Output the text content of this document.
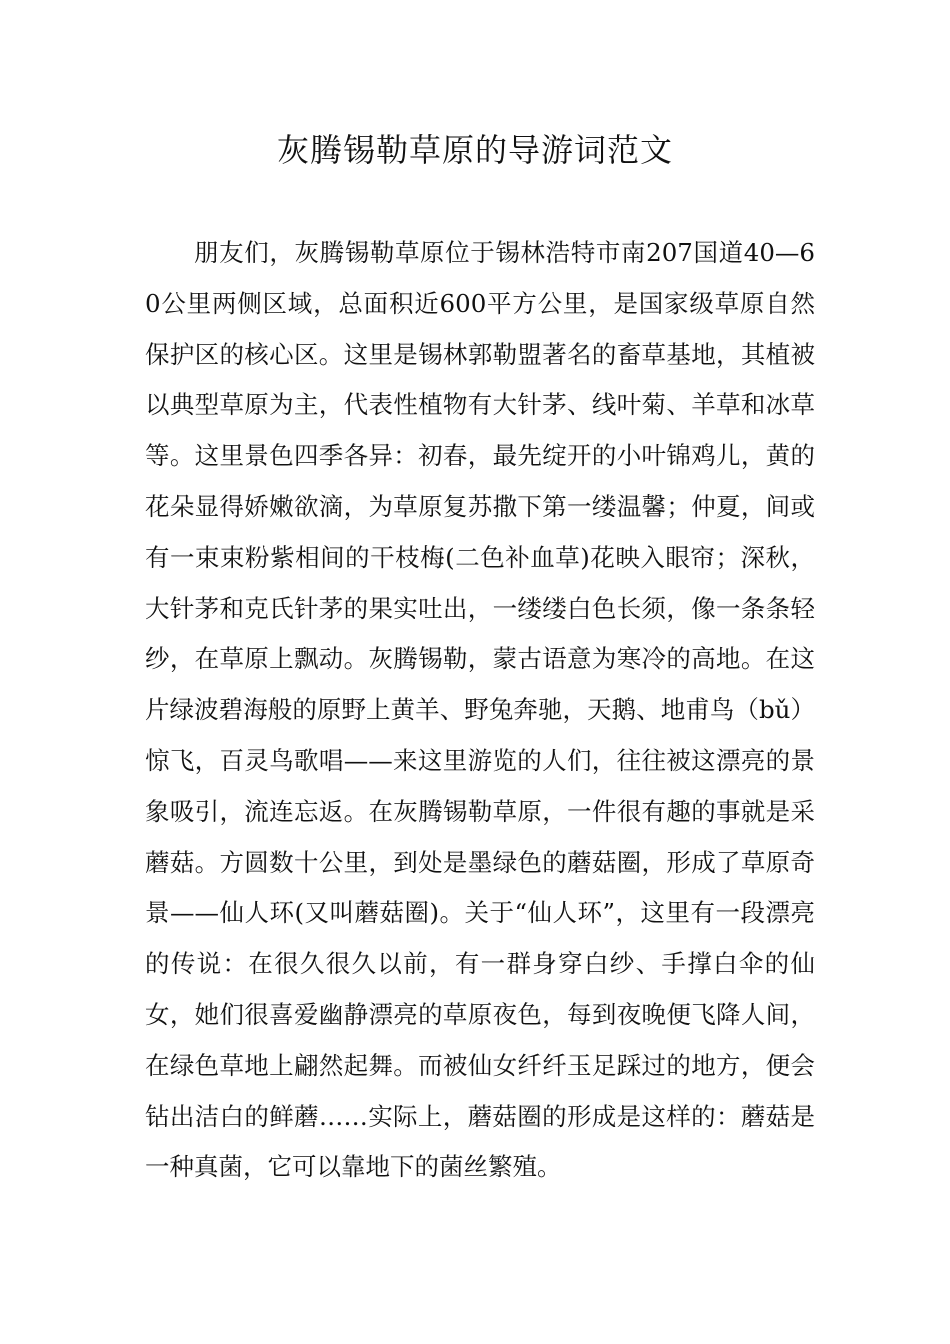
灰腾锡勒草原的导游词范文

朋友们，灰腾锡勒草原位于锡林浩特市南207国道40—60公里两侧区域，总面积近600平方公里，是国家级草原自然保护区的核心区。这里是锡林郭勒盟著名的畜草基地，其植被以典型草原为主，代表性植物有大针茅、线叶菊、羊草和冰草等。这里景色四季各异：初春，最先绽开的小叶锦鸡儿，黄的花朵显得娇嫩欲滴，为草原复苏撒下第一缕温馨；仲夏，间或有一束束粉紫相间的干枝梅(二色补血草)花映入眼帘；深秋，大针茅和克氏针茅的果实吐出，一缕缕白色长须，像一条条轻纱，在草原上飘动。灰腾锡勒，蒙古语意为寒冷的高地。在这片绿波碧海般的原野上黄羊、野兔奔驰，天鹅、地甫鸟（bǔ）惊飞，百灵鸟歌唱——来这里游览的人们，往往被这漂亮的景象吸引，流连忘返。在灰腾锡勒草原，一件很有趣的事就是采蘑菇。方圆数十公里，到处是墨绿色的蘑菇圈，形成了草原奇景——仙人环(又叫蘑菇圈)。关于“仙人环”，这里有一段漂亮的传说：在很久很久以前，有一群身穿白纱、手撑白伞的仙女，她们很喜爱幽静漂亮的草原夜色，每到夜晚便飞降人间，在绿色草地上翩然起舞。而被仙女纤纤玉足踩过的地方，便会钻出洁白的鲜蘑……实际上，蘑菇圈的形成是这样的：蘑菇是一种真菌，它可以靠地下的菌丝繁殖。
